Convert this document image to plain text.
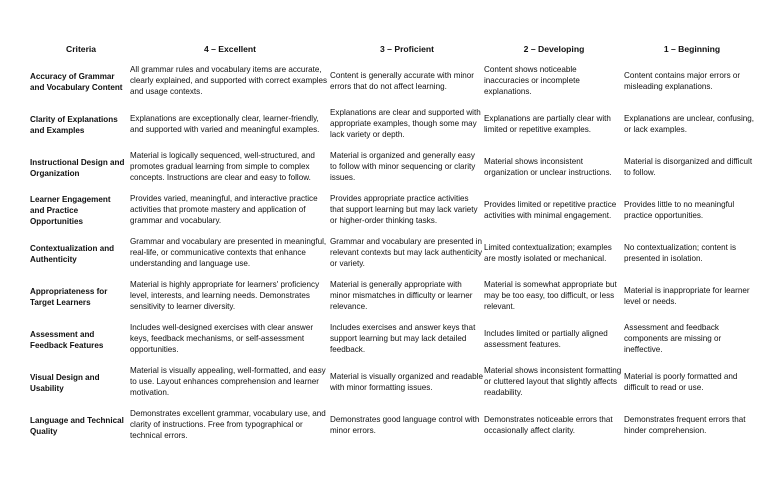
Criteria	4 – Excellent	3 – Proficient	2 – Developing	1 – Beginning
Accuracy of Grammar and Vocabulary Content	All grammar rules and vocabulary items are accurate, clearly explained, and supported with correct examples and usage contexts.	Content is generally accurate with minor errors that do not affect learning.	Content shows noticeable inaccuracies or incomplete explanations.	Content contains major errors or misleading explanations.
Clarity of Explanations and Examples	Explanations are exceptionally clear, learner-friendly, and supported with varied and meaningful examples.	Explanations are clear and supported with appropriate examples, though some may lack variety or depth.	Explanations are partially clear with limited or repetitive examples.	Explanations are unclear, confusing, or lack examples.
Instructional Design and Organization	Material is logically sequenced, well-structured, and promotes gradual learning from simple to complex concepts. Instructions are clear and easy to follow.	Material is organized and generally easy to follow with minor sequencing or clarity issues.	Material shows inconsistent organization or unclear instructions.	Material is disorganized and difficult to follow.
Learner Engagement and Practice Opportunities	Provides varied, meaningful, and interactive practice activities that promote mastery and application of grammar and vocabulary.	Provides appropriate practice activities that support learning but may lack variety or higher-order thinking tasks.	Provides limited or repetitive practice activities with minimal engagement.	Provides little to no meaningful practice opportunities.
Contextualization and Authenticity	Grammar and vocabulary are presented in meaningful, real-life, or communicative contexts that enhance understanding and language use.	Grammar and vocabulary are presented in relevant contexts but may lack authenticity or variety.	Limited contextualization; examples are mostly isolated or mechanical.	No contextualization; content is presented in isolation.
Appropriateness for Target Learners	Material is highly appropriate for learners' proficiency level, interests, and learning needs. Demonstrates sensitivity to learner diversity.	Material is generally appropriate with minor mismatches in difficulty or learner relevance.	Material is somewhat appropriate but may be too easy, too difficult, or less relevant.	Material is inappropriate for learner level or needs.
Assessment and Feedback Features	Includes well-designed exercises with clear answer keys, feedback mechanisms, or self-assessment opportunities.	Includes exercises and answer keys that support learning but may lack detailed feedback.	Includes limited or partially aligned assessment features.	Assessment and feedback components are missing or ineffective.
Visual Design and Usability	Material is visually appealing, well-formatted, and easy to use. Layout enhances comprehension and learner motivation.	Material is visually organized and readable with minor formatting issues.	Material shows inconsistent formatting or cluttered layout that slightly affects readability.	Material is poorly formatted and difficult to read or use.
Language and Technical Quality	Demonstrates excellent grammar, vocabulary use, and clarity of instructions. Free from typographical or technical errors.	Demonstrates good language control with minor errors.	Demonstrates noticeable errors that occasionally affect clarity.	Demonstrates frequent errors that hinder comprehension.
